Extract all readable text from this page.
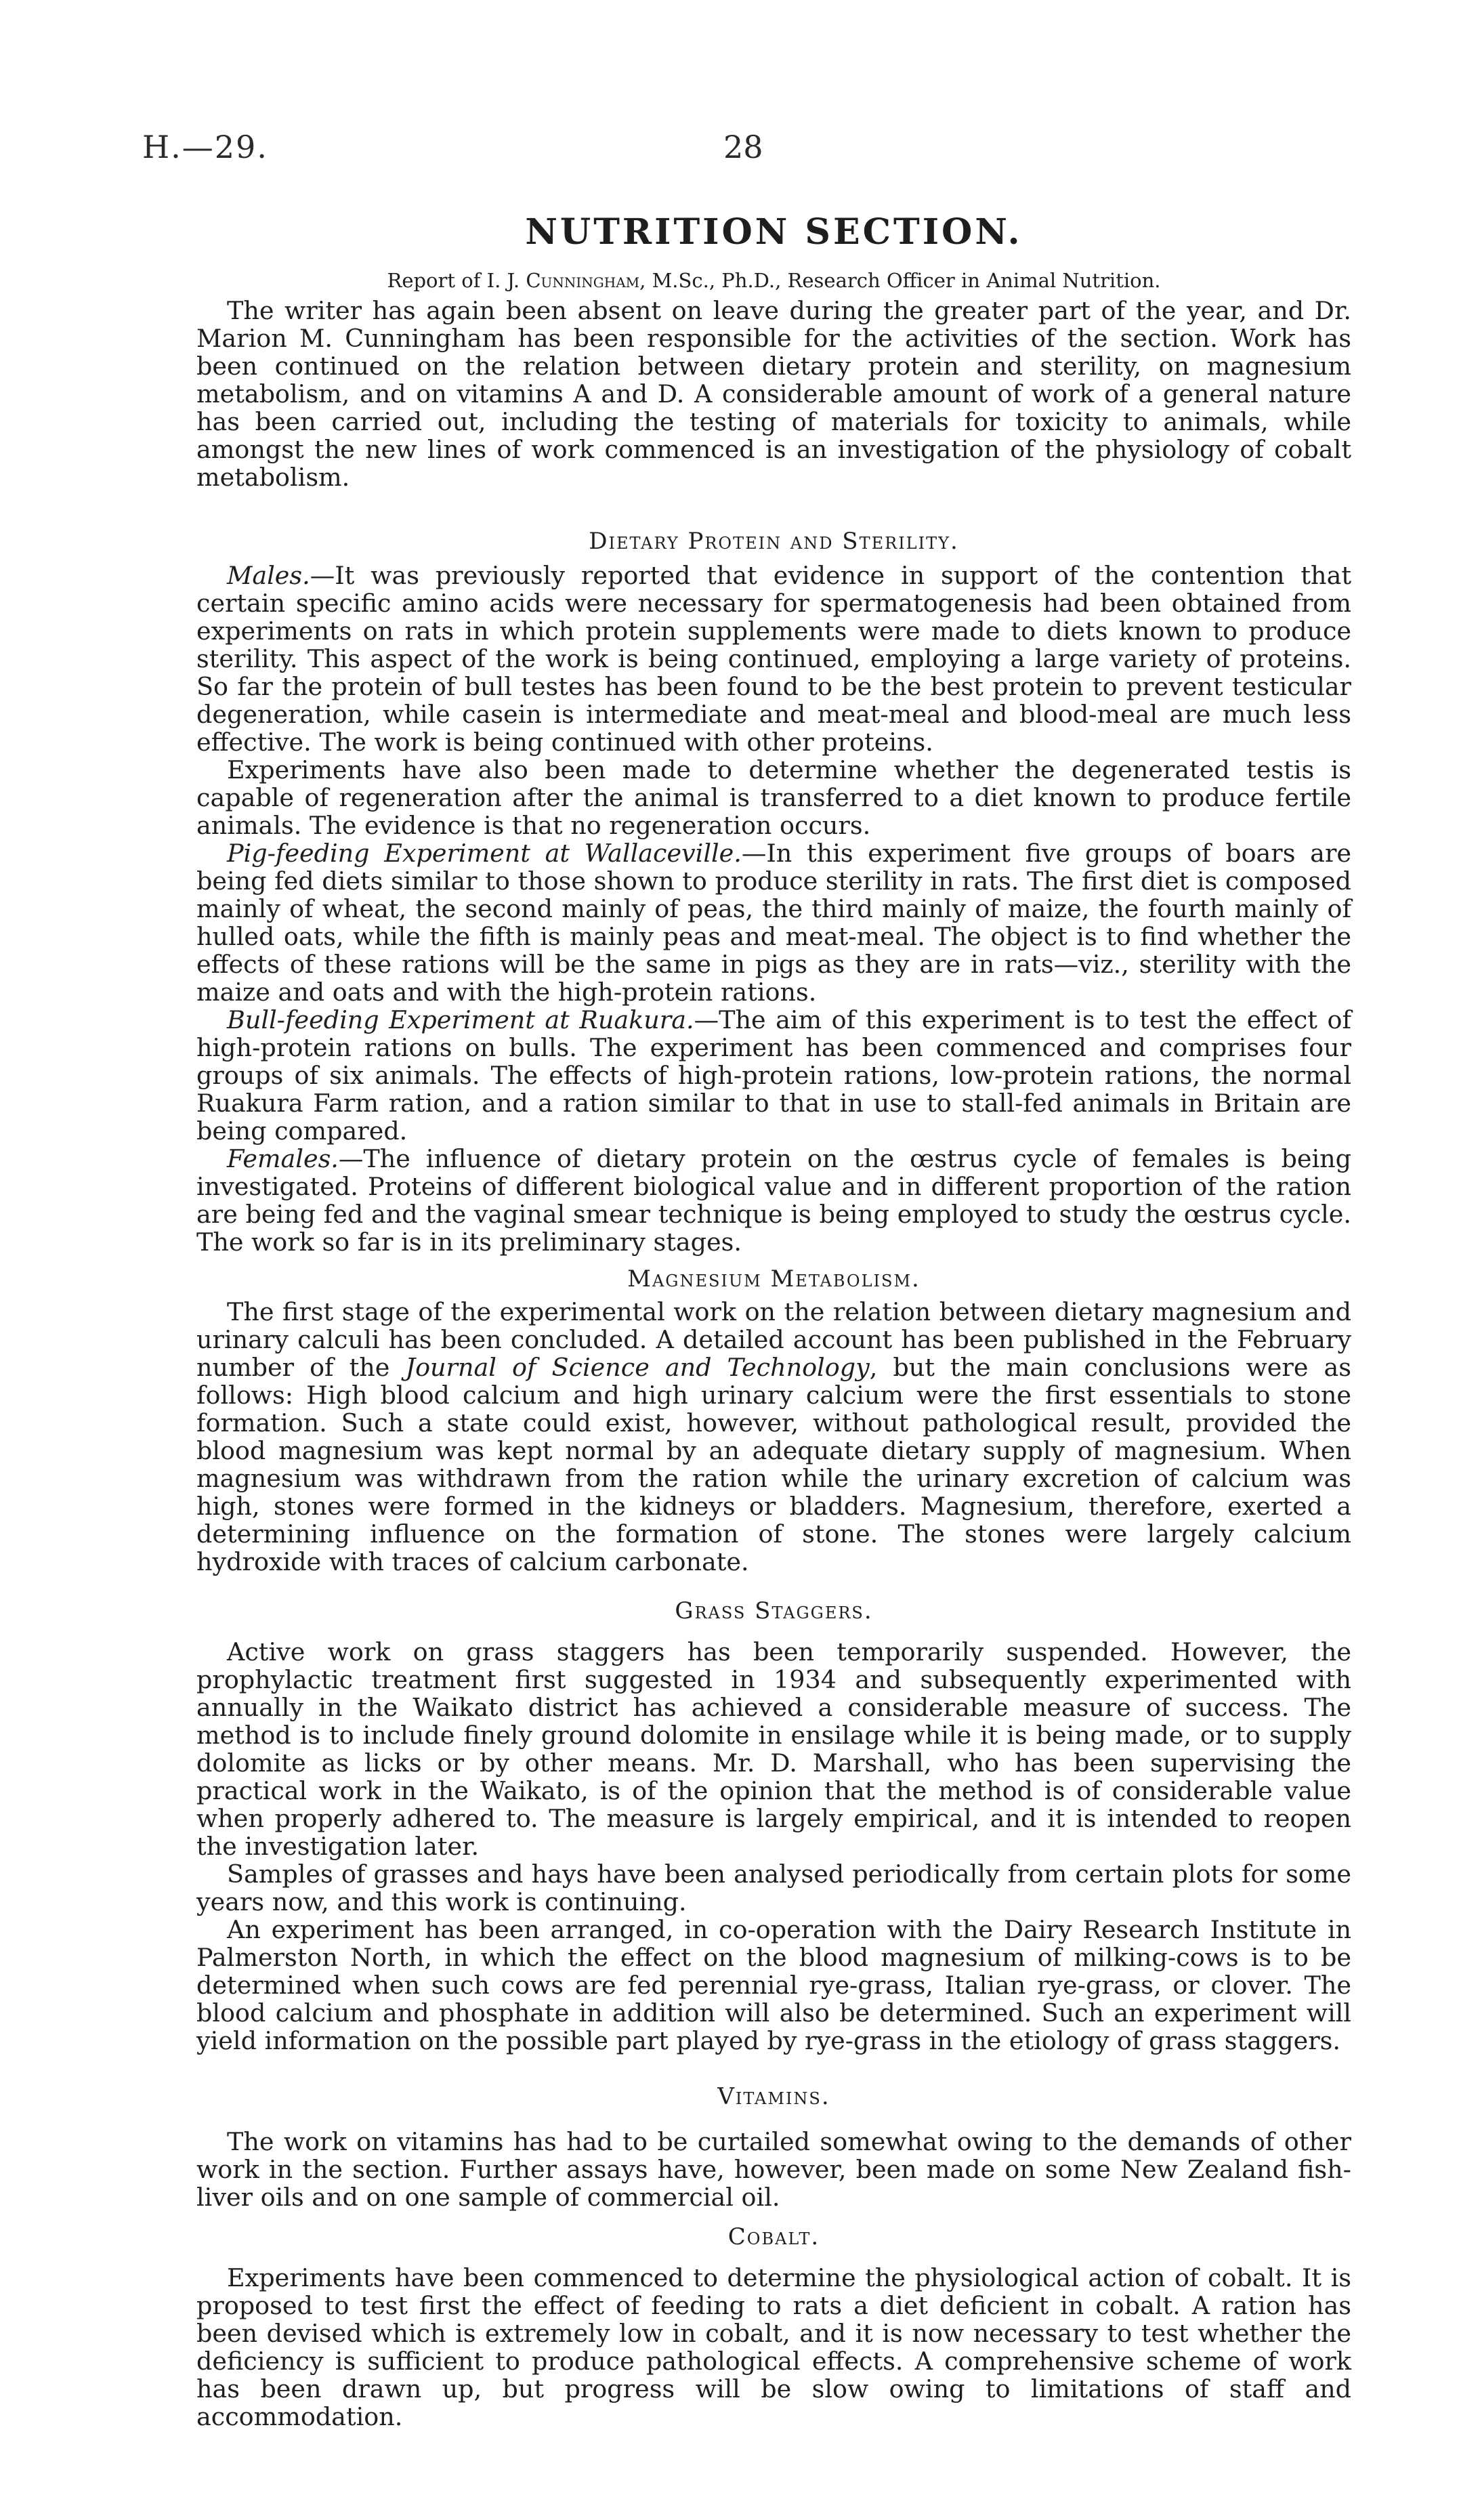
H.—29.	28
NUTRITION SECTION.
Report of I. J. Cunningham, M.Sc., Ph.D., Research Officer in Animal Nutrition.

The writer has again been absent on leave during the greater part of the year, and Dr. Marion M. Cunningham has been responsible for the activities of the section. Work has been continued on the relation between dietary protein and sterility, on magnesium metabolism, and on vitamins A and D. A considerable amount of work of a general nature has been carried out, including the testing of materials for toxicity to animals, while amongst the new lines of work commenced is an investigation of the physiology of cobalt metabolism.

Dietary Protein and Sterility.

Males.—It was previously reported that evidence in support of the contention that certain specific amino acids were necessary for spermatogenesis had been obtained from experiments on rats in which protein supplements were made to diets known to produce sterility. This aspect of the work is being continued, employing a large variety of proteins. So far the protein of bull testes has been found to be the best protein to prevent testicular degeneration, while casein is intermediate and meat-meal and blood-meal are much less effective. The work is being continued with other proteins.

Experiments have also been made to determine whether the degenerated testis is capable of regeneration after the animal is transferred to a diet known to produce fertile animals. The evidence is that no regeneration occurs.

Pig-feeding Experiment at Wallaceville.—In this experiment five groups of boars are being fed diets similar to those shown to produce sterility in rats. The first diet is composed mainly of wheat, the second mainly of peas, the third mainly of maize, the fourth mainly of hulled oats, while the fifth is mainly peas and meat-meal. The object is to find whether the effects of these rations will be the same in pigs as they are in rats—viz., sterility with the maize and oats and with the high-protein rations.

Bull-feeding Experiment at Ruakura.—The aim of this experiment is to test the effect of high-protein rations on bulls. The experiment has been commenced and comprises four groups of six animals. The effects of high-protein rations, low-protein rations, the normal Ruakura Farm ration, and a ration similar to that in use to stall-fed animals in Britain are being compared.

Females.—The influence of dietary protein on the œstrus cycle of females is being investigated. Proteins of different biological value and in different proportion of the ration are being fed and the vaginal smear technique is being employed to study the œstrus cycle. The work so far is in its preliminary stages.

Magnesium Metabolism.

The first stage of the experimental work on the relation between dietary magnesium and urinary calculi has been concluded. A detailed account has been published in the February number of the Journal of Science and Technology, but the main conclusions were as follows: High blood calcium and high urinary calcium were the first essentials to stone formation. Such a state could exist, however, without pathological result, provided the blood magnesium was kept normal by an adequate dietary supply of magnesium. When magnesium was withdrawn from the ration while the urinary excretion of calcium was high, stones were formed in the kidneys or bladders. Magnesium, therefore, exerted a determining influence on the formation of stone. The stones were largely calcium hydroxide with traces of calcium carbonate.

Grass Staggers.

Active work on grass staggers has been temporarily suspended. However, the prophylactic treatment first suggested in 1934 and subsequently experimented with annually in the Waikato district has achieved a considerable measure of success. The method is to include finely ground dolomite in ensilage while it is being made, or to supply dolomite as licks or by other means. Mr. D. Marshall, who has been supervising the practical work in the Waikato, is of the opinion that the method is of considerable value when properly adhered to. The measure is largely empirical, and it is intended to reopen the investigation later.

Samples of grasses and hays have been analysed periodically from certain plots for some years now, and this work is continuing.

An experiment has been arranged, in co-operation with the Dairy Research Institute in Palmerston North, in which the effect on the blood magnesium of milking-cows is to be determined when such cows are fed perennial rye-grass, Italian rye-grass, or clover. The blood calcium and phosphate in addition will also be determined. Such an experiment will yield information on the possible part played by rye-grass in the etiology of grass staggers.

Vitamins.

The work on vitamins has had to be curtailed somewhat owing to the demands of other work in the section. Further assays have, however, been made on some New Zealand fish-liver oils and on one sample of commercial oil.

Cobalt.

Experiments have been commenced to determine the physiological action of cobalt. It is proposed to test first the effect of feeding to rats a diet deficient in cobalt. A ration has been devised which is extremely low in cobalt, and it is now necessary to test whether the deficiency is sufficient to produce pathological effects. A comprehensive scheme of work has been drawn up, but progress will be slow owing to limitations of staff and accommodation.
